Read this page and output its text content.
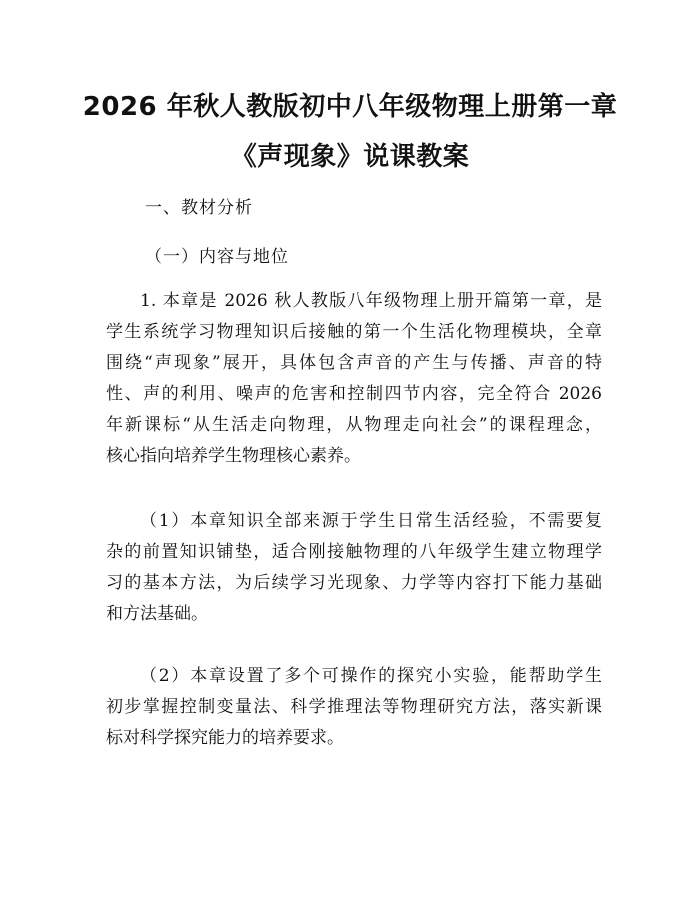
2026 年秋人教版初中八年级物理上册第一章
《声现象》说课教案
一、教材分析
（一）内容与地位
1. 本章是 2026 秋人教版八年级物理上册开篇第一章，是
学生系统学习物理知识后接触的第一个生活化物理模块，全章
围绕“声现象”展开，具体包含声音的产生与传播、声音的特
性、声的利用、噪声的危害和控制四节内容，完全符合 2026
年新课标“从生活走向物理，从物理走向社会”的课程理念，
核心指向培养学生物理核心素养。
（1）本章知识全部来源于学生日常生活经验，不需要复
杂的前置知识铺垫，适合刚接触物理的八年级学生建立物理学
习的基本方法，为后续学习光现象、力学等内容打下能力基础
和方法基础。
（2）本章设置了多个可操作的探究小实验，能帮助学生
初步掌握控制变量法、科学推理法等物理研究方法，落实新课
标对科学探究能力的培养要求。
